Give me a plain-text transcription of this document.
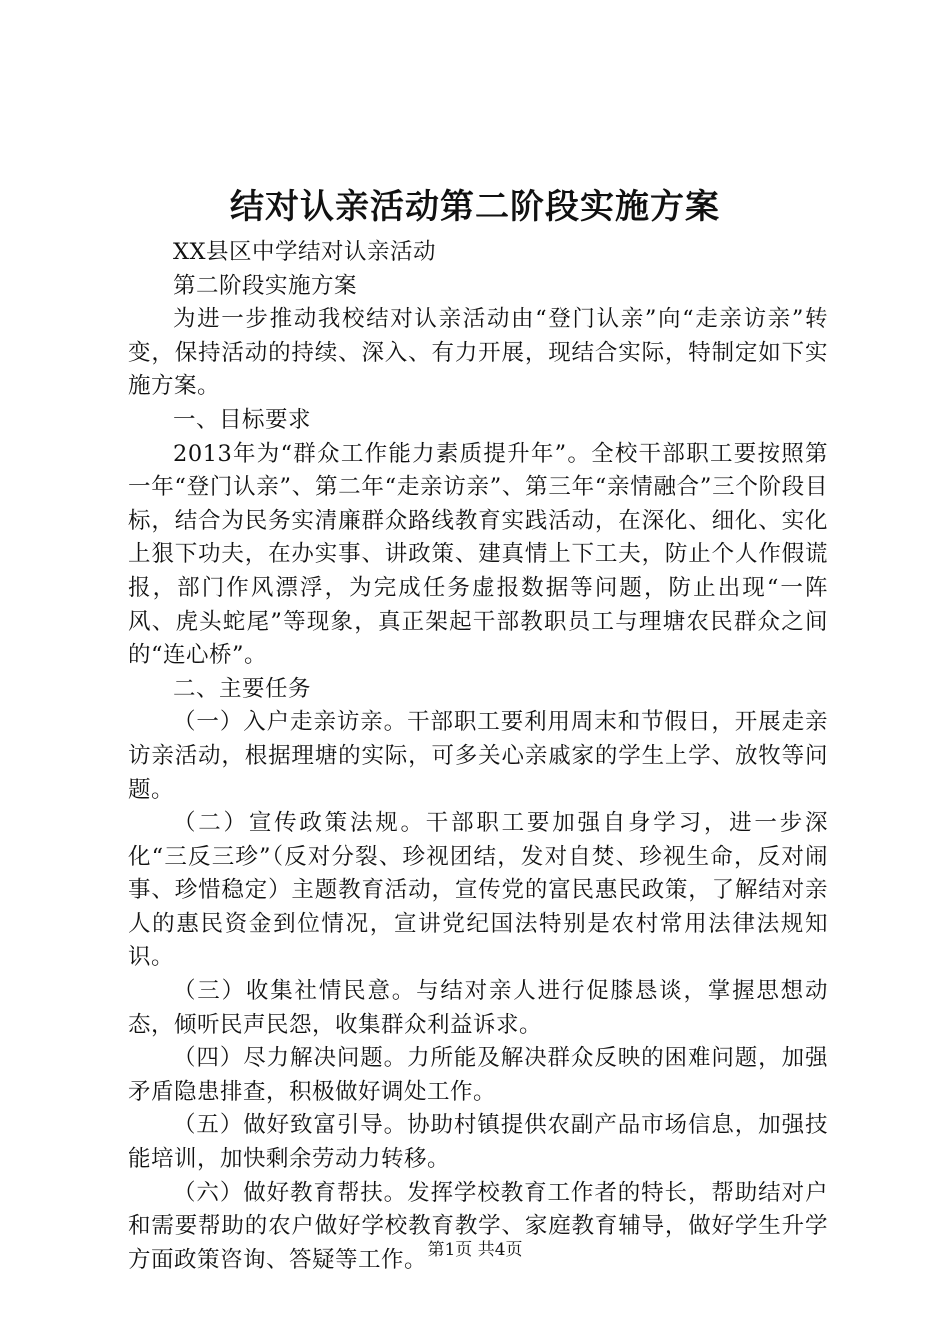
结对认亲活动第二阶段实施方案

XX县区中学结对认亲活动

第二阶段实施方案

为进一步推动我校结对认亲活动由“登门认亲”向“走亲访亲”转变，保持活动的持续、深入、有力开展，现结合实际，特制定如下实施方案。

一、目标要求

2013年为“群众工作能力素质提升年”。全校干部职工要按照第一年“登门认亲”、第二年“走亲访亲”、第三年“亲情融合”三个阶段目标，结合为民务实清廉群众路线教育实践活动，在深化、细化、实化上狠下功夫，在办实事、讲政策、建真情上下工夫，防止个人作假谎报，部门作风漂浮，为完成任务虚报数据等问题，防止出现“一阵风、虎头蛇尾”等现象，真正架起干部教职员工与理塘农民群众之间的“连心桥”。

二、主要任务

（一）入户走亲访亲。干部职工要利用周末和节假日，开展走亲访亲活动，根据理塘的实际，可多关心亲戚家的学生上学、放牧等问题。

（二）宣传政策法规。干部职工要加强自身学习，进一步深化“三反三珍”（反对分裂、珍视团结，发对自焚、珍视生命，反对闹事、珍惜稳定）主题教育活动，宣传党的富民惠民政策，了解结对亲人的惠民资金到位情况，宣讲党纪国法特别是农村常用法律法规知识。

（三）收集社情民意。与结对亲人进行促膝恳谈，掌握思想动态，倾听民声民怨，收集群众利益诉求。

（四）尽力解决问题。力所能及解决群众反映的困难问题，加强矛盾隐患排查，积极做好调处工作。

（五）做好致富引导。协助村镇提供农副产品市场信息，加强技能培训，加快剩余劳动力转移。

（六）做好教育帮扶。发挥学校教育工作者的特长，帮助结对户和需要帮助的农户做好学校教育教学、家庭教育辅导，做好学生升学方面政策咨询、答疑等工作。 第1页 共4页
